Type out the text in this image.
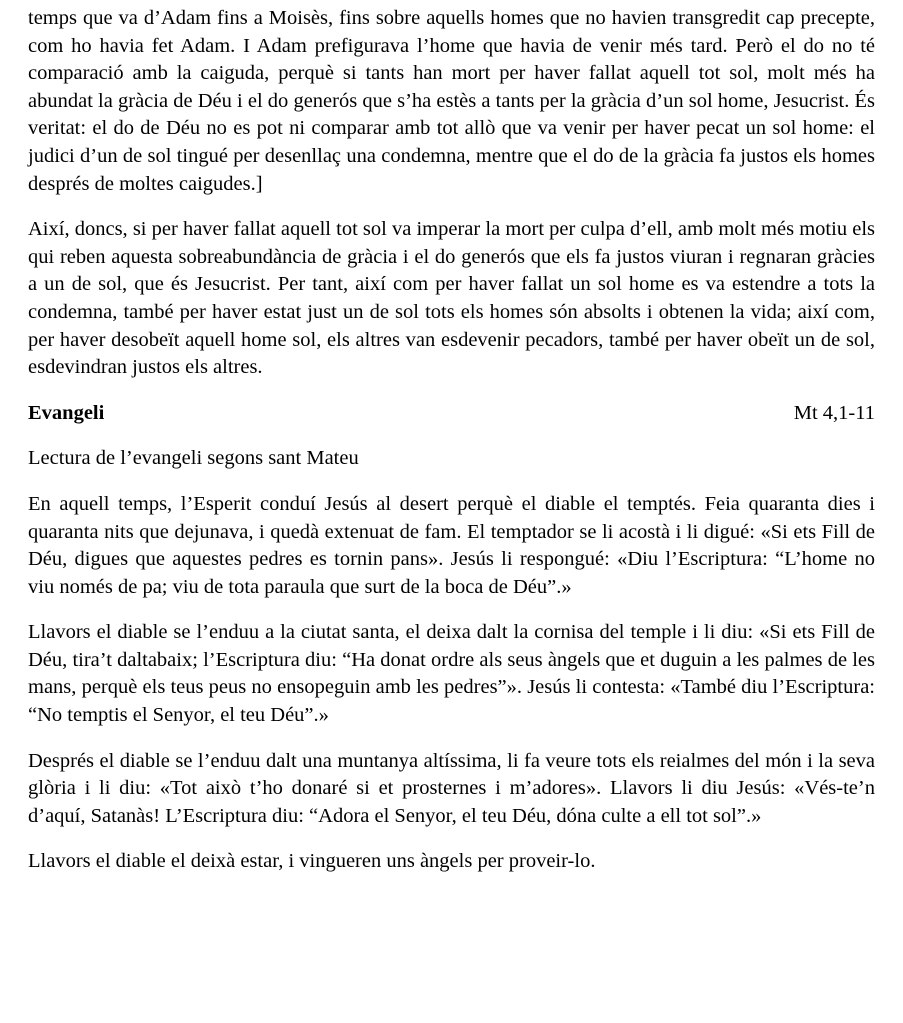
temps que va d’Adam fins a Moisès, fins sobre aquells homes que no havien transgredit cap precepte, com ho havia fet Adam. I Adam prefigurava l’home que havia de venir més tard. Però el do no té comparació amb la caiguda, perquè si tants han mort per haver fallat aquell tot sol, molt més ha abundat la gràcia de Déu i el do generós que s’ha estès a tants per la gràcia d’un sol home, Jesucrist. És veritat: el do de Déu no es pot ni comparar amb tot allò que va venir per haver pecat un sol home: el judici d’un de sol tingué per desenllaç una condemna, mentre que el do de la gràcia fa justos els homes després de moltes caigudes.]

Així, doncs, si per haver fallat aquell tot sol va imperar la mort per culpa d’ell, amb molt més motiu els qui reben aquesta sobreabundància de gràcia i el do generós que els fa justos viuran i regnaran gràcies a un de sol, que és Jesucrist. Per tant, així com per haver fallat un sol home es va estendre a tots la condemna, també per haver estat just un de sol tots els homes són absolts i obtenen la vida; així com, per haver desobeït aquell home sol, els altres van esdevenir pecadors, també per haver obeït un de sol, esdevindran justos els altres.

Evangeli	Mt 4,1-11

Lectura de l’evangeli segons sant Mateu

En aquell temps, l’Esperit conduí Jesús al desert perquè el diable el temptés. Feia quaranta dies i quaranta nits que dejunava, i quedà extenuat de fam. El temptador se li acostà i li digué: «Si ets Fill de Déu, digues que aquestes pedres es tornin pans». Jesús li respongué: «Diu l’Escriptura: “L’home no viu només de pa; viu de tota paraula que surt de la boca de Déu”.»

Llavors el diable se l’enduu a la ciutat santa, el deixa dalt la cornisa del temple i li diu: «Si ets Fill de Déu, tira’t daltabaix; l’Escriptura diu: “Ha donat ordre als seus àngels que et duguin a les palmes de les mans, perquè els teus peus no ensopeguin amb les pedres”». Jesús li contesta: «També diu l’Escriptura: “No temptis el Senyor, el teu Déu”.»

Després el diable se l’enduu dalt una muntanya altíssima, li fa veure tots els reialmes del món i la seva glòria i li diu: «Tot això t’ho donaré si et prosternes i m’adores». Llavors li diu Jesús: «Vés-te’n d’aquí, Satanàs! L’Escriptura diu: “Adora el Senyor, el teu Déu, dóna culte a ell tot sol”.»

Llavors el diable el deixà estar, i vingueren uns àngels per proveir-lo.
